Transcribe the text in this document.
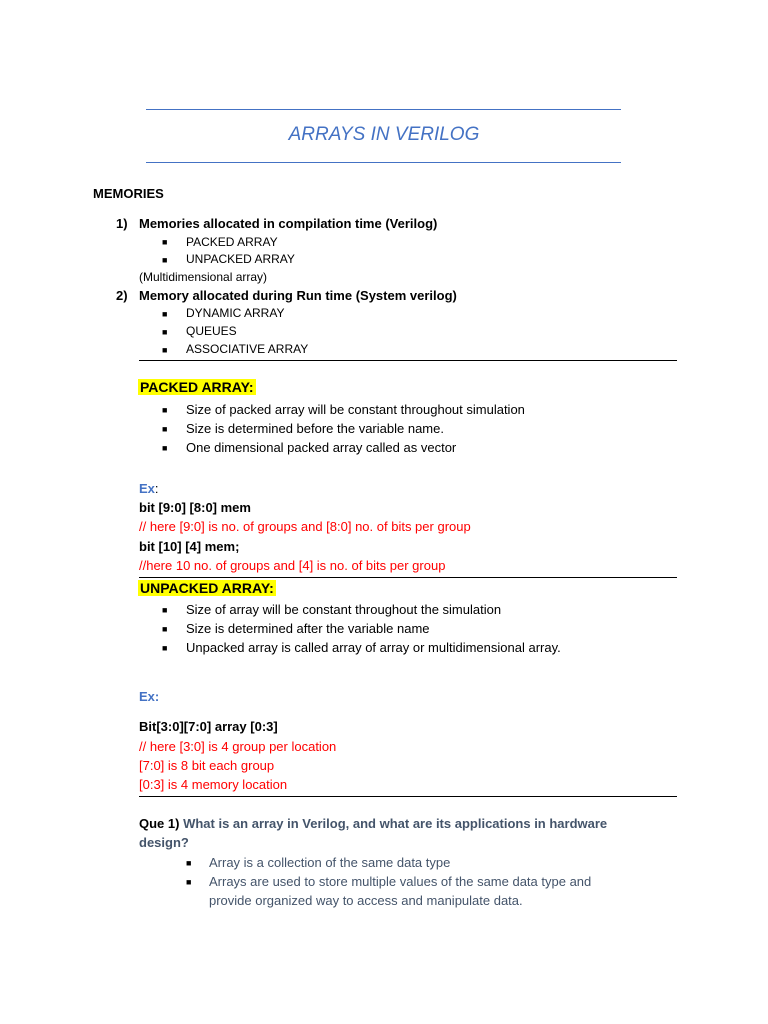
ARRAYS IN VERILOG
MEMORIES
1) Memories allocated in compilation time (Verilog)
■ PACKED ARRAY
■ UNPACKED ARRAY
(Multidimensional array)
2) Memory allocated during Run time (System verilog)
■ DYNAMIC ARRAY
■ QUEUES
■ ASSOCIATIVE ARRAY
PACKED ARRAY:
■ Size of packed array will be constant throughout simulation
■ Size is determined before the variable name.
■ One dimensional packed array called as vector
Ex:
bit [9:0] [8:0] mem
// here [9:0] is no. of groups and [8:0] no. of bits per group
bit [10] [4] mem;
//here 10 no. of groups and [4] is no. of bits per group
UNPACKED ARRAY:
■ Size of array will be constant throughout the simulation
■ Size is determined after the variable name
■ Unpacked array is called array of array or multidimensional array.
Ex:
Bit[3:0][7:0] array [0:3]
// here [3:0] is 4 group per location
[7:0] is 8 bit each group
[0:3] is 4 memory location
Que 1) What is an array in Verilog, and what are its applications in hardware
design?
■ Array is a collection of the same data type
■ Arrays are used to store multiple values of the same data type and
provide organized way to access and manipulate data.
